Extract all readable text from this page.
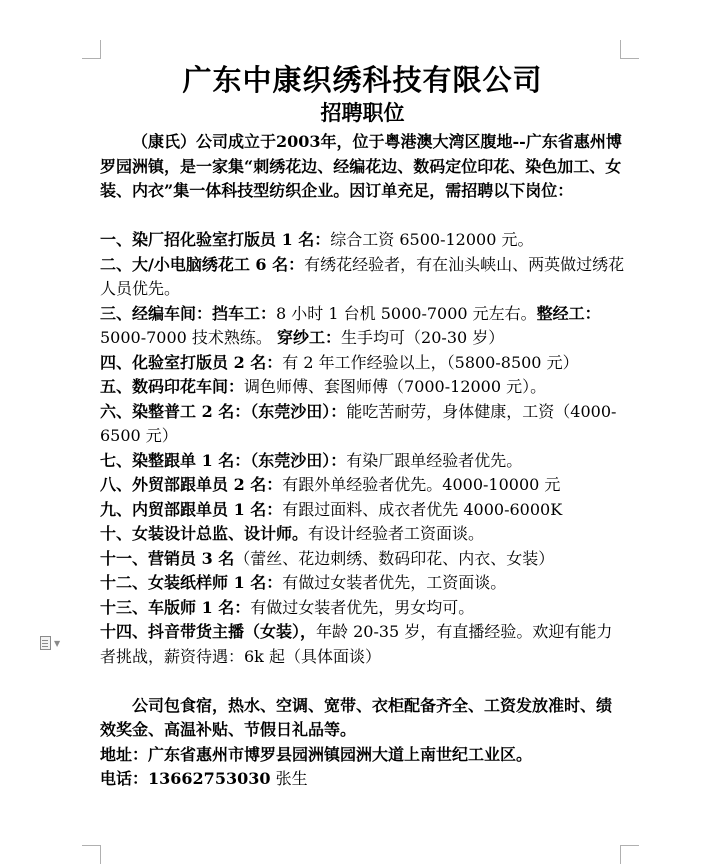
▼
广东中康织绣科技有限公司
招聘职位

（康氏）公司成立于2003年，位于粤港澳大湾区腹地--广东省惠州博罗园洲镇，是一家集“刺绣花边、经编花边、数码定位印花、染色加工、女装、内衣”集一体科技型纺织企业。因订单充足，需招聘以下岗位：

一、染厂招化验室打版员 1 名：综合工资 6500-12000 元。

二、大/小电脑绣花工 6 名：有绣花经验者，有在汕头峡山、两英做过绣花人员优先。

三、经编车间：挡车工：8 小时 1 台机 5000-7000 元左右。整经工：5000-7000 技术熟练。 穿纱工：生手均可（20-30 岁）

四、化验室打版员 2 名：有 2 年工作经验以上，（5800-8500 元）

五、数码印花车间：调色师傅、套图师傅（7000-12000 元）。

六、染整普工 2 名：（东莞沙田）：能吃苦耐劳，身体健康，工资（4000-6500 元）

七、染整跟单 1 名：（东莞沙田）：有染厂跟单经验者优先。

八、外贸部跟单员 2 名：有跟外单经验者优先。4000-10000 元

九、内贸部跟单员 1 名：有跟过面料、成衣者优先 4000-6000K

十、女装设计总监、设计师。有设计经验者工资面谈。

十一、营销员 3 名（蕾丝、花边刺绣、数码印花、内衣、女装）

十二、女装纸样师 1 名：有做过女装者优先，工资面谈。

十三、车版师 1 名：有做过女装者优先，男女均可。

十四、抖音带货主播（女装），年龄 20-35 岁，有直播经验。欢迎有能力者挑战，薪资待遇：6k 起（具体面谈）

公司包食宿，热水、空调、宽带、衣柜配备齐全、工资发放准时、绩效奖金、高温补贴、节假日礼品等。

地址：广东省惠州市博罗县园洲镇园洲大道上南世纪工业区。

电话：13662753030 张生
